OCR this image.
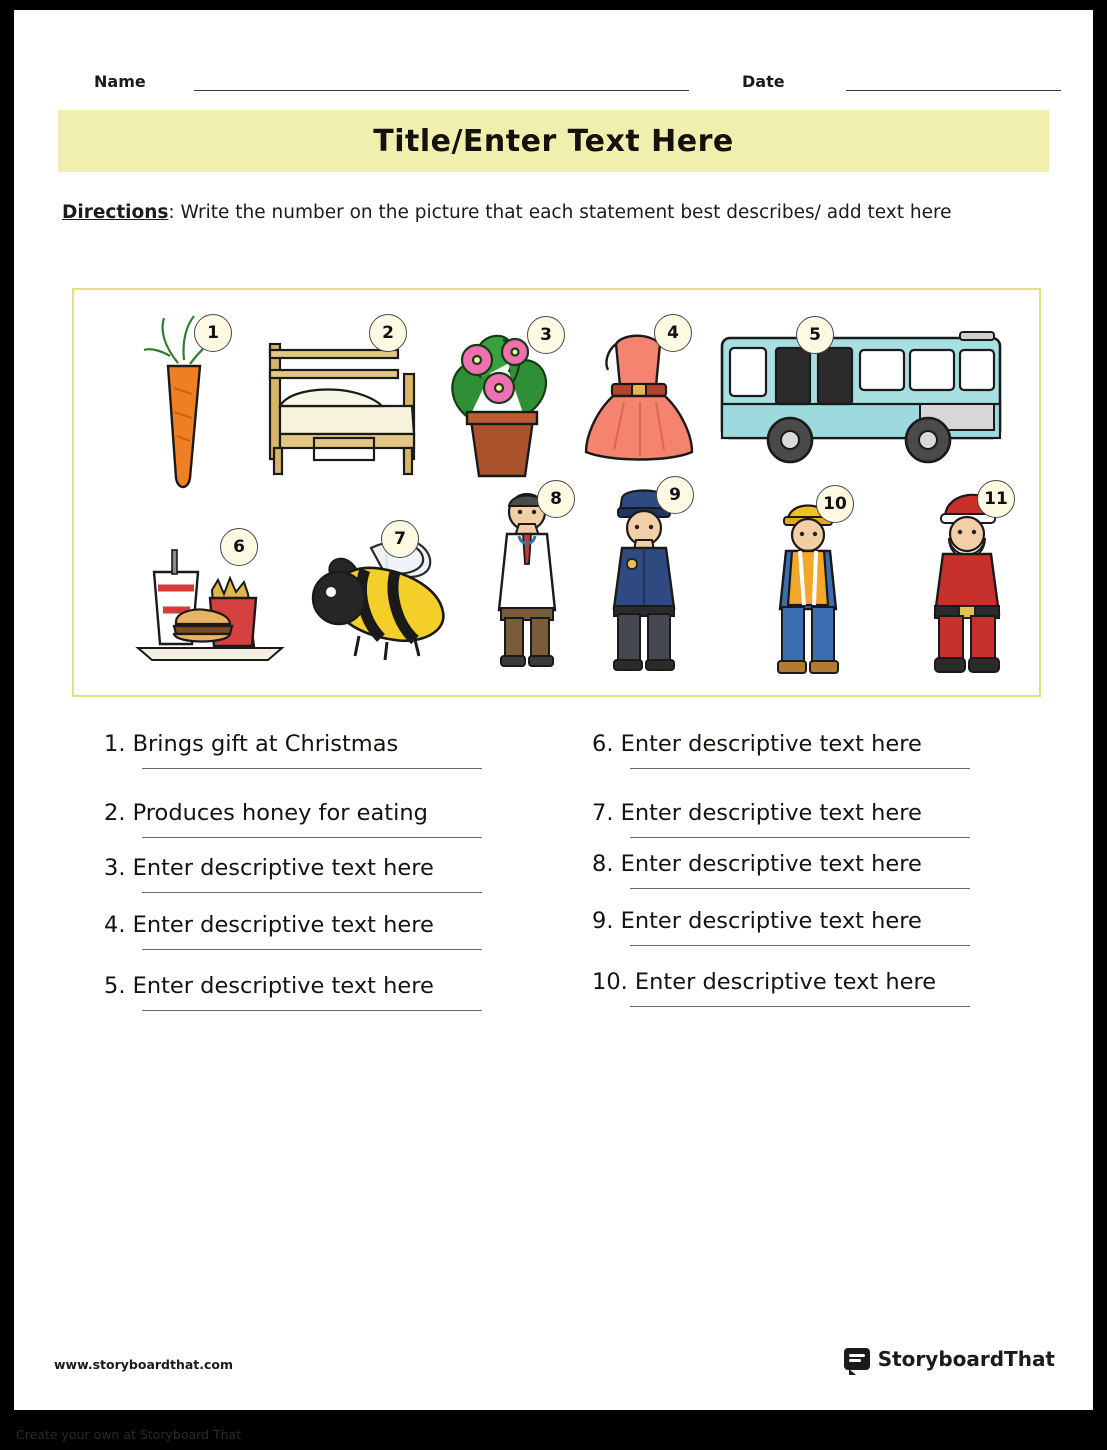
Name	Date
Title/Enter Text Here
Directions: Write the number on the picture that each statement best describes/ add text here
1	2	3	4	5
6	7
8	9	10	11
1. Brings gift at Christmas
2. Produces honey for eating
3. Enter descriptive text here
4. Enter descriptive text here
5. Enter descriptive text here
6. Enter descriptive text here
7. Enter descriptive text here
8. Enter descriptive text here
9. Enter descriptive text here
10. Enter descriptive text here
www.storyboardthat.com	StoryboardThat
Create your own at Storyboard That
